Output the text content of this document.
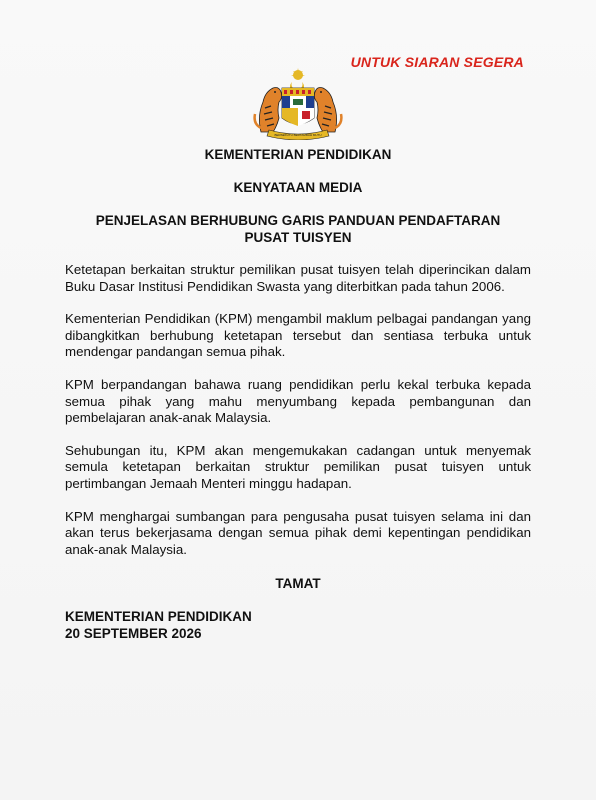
UNTUK SIARAN SEGERA
BERSEKUTU BERTAMBAH MUTU
KEMENTERIAN PENDIDIKAN
KENYATAAN MEDIA
PENJELASAN BERHUBUNG GARIS PANDUAN PENDAFTARAN
PUSAT TUISYEN

Ketetapan berkaitan struktur pemilikan pusat tuisyen telah diperincikan dalam Buku Dasar Institusi Pendidikan Swasta yang diterbitkan pada tahun 2006.

Kementerian Pendidikan (KPM) mengambil maklum pelbagai pandangan yang dibangkitkan berhubung ketetapan tersebut dan sentiasa terbuka untuk mendengar pandangan semua pihak.

KPM berpandangan bahawa ruang pendidikan perlu kekal terbuka kepada semua pihak yang mahu menyumbang kepada pembangunan dan pembelajaran anak-anak Malaysia.

Sehubungan itu, KPM akan mengemukakan cadangan untuk menyemak semula ketetapan berkaitan struktur pemilikan pusat tuisyen untuk pertimbangan Jemaah Menteri minggu hadapan.

KPM menghargai sumbangan para pengusaha pusat tuisyen selama ini dan akan terus bekerjasama dengan semua pihak demi kepentingan pendidikan anak-anak Malaysia.

TAMAT
KEMENTERIAN PENDIDIKAN
20 SEPTEMBER 2026
